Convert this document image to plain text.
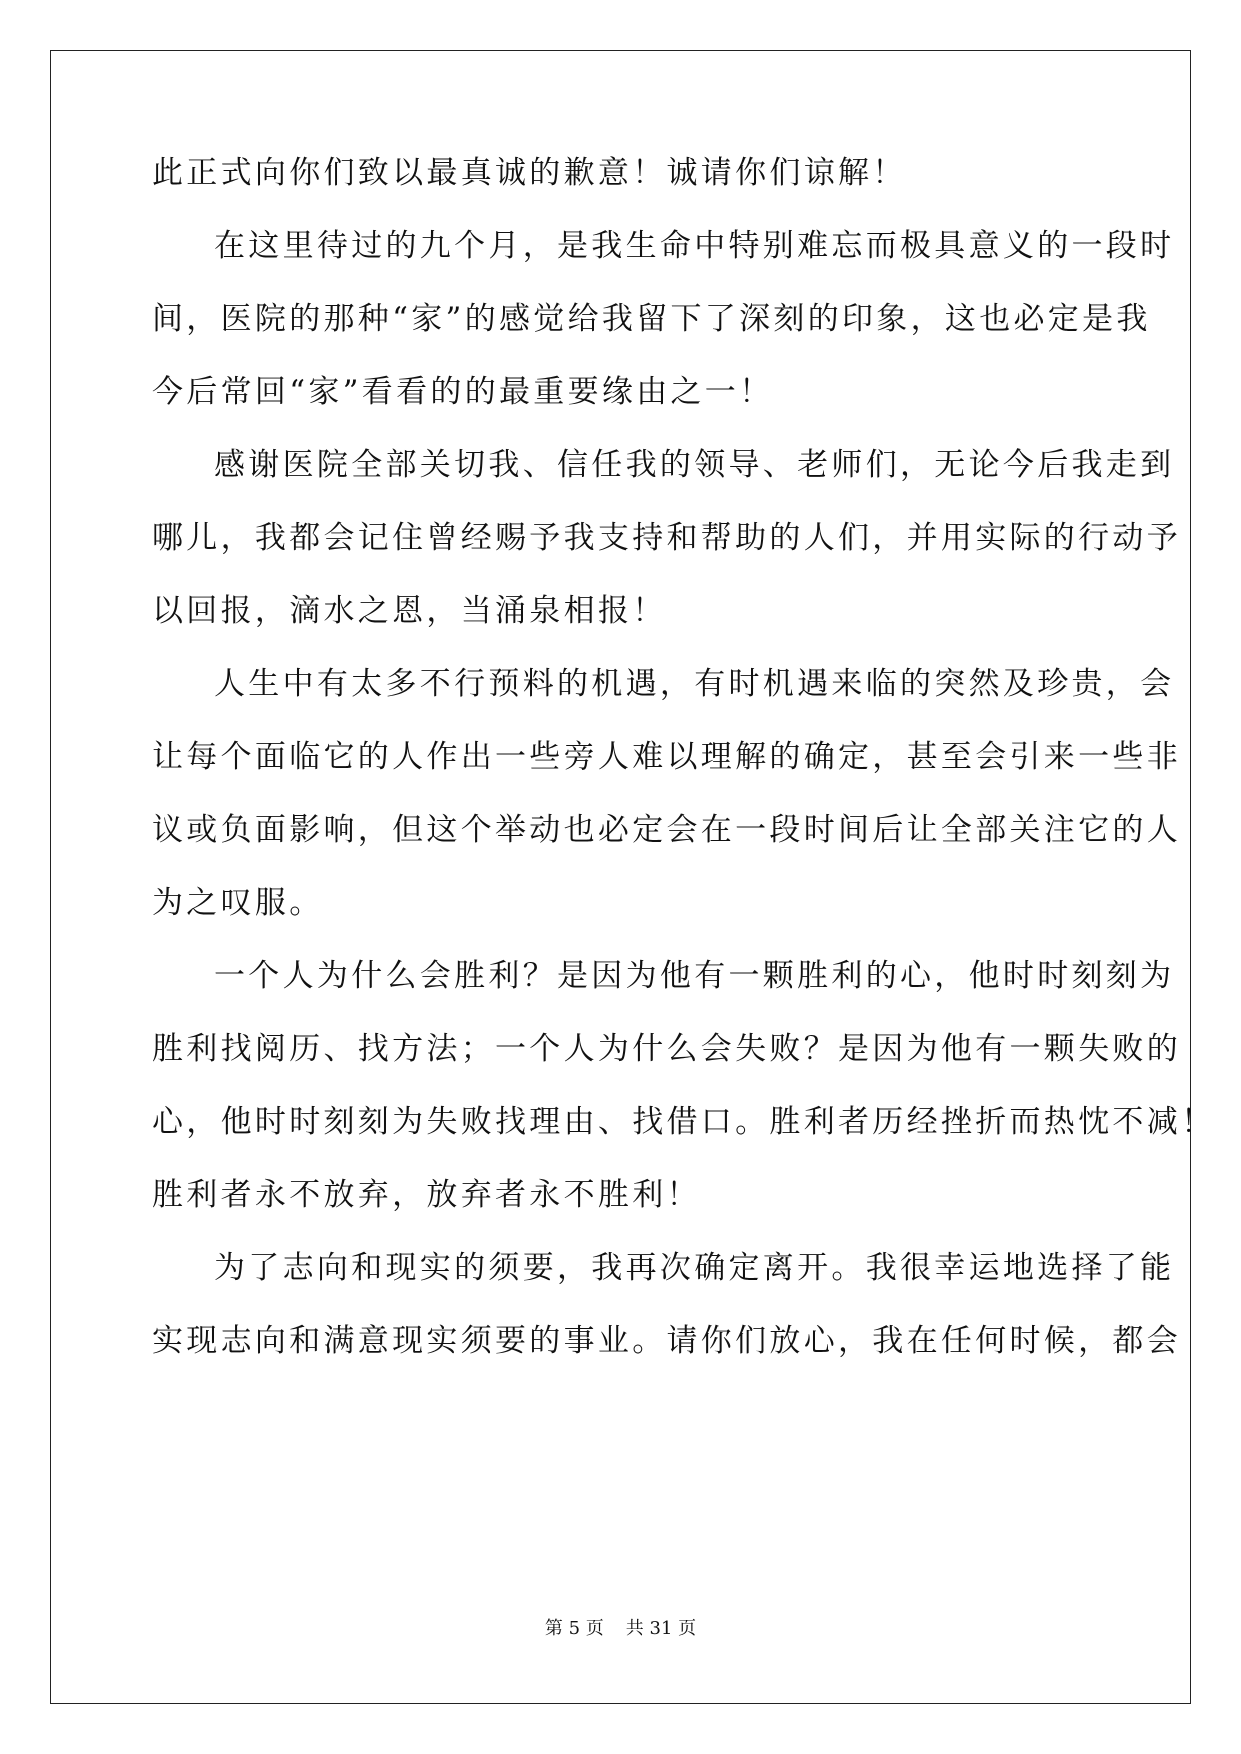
此正式向你们致以最真诚的歉意！诚请你们谅解！
在这里待过的九个月，是我生命中特别难忘而极具意义的一段时
间，医院的那种“家”的感觉给我留下了深刻的印象，这也必定是我
今后常回“家”看看的的最重要缘由之一！
感谢医院全部关切我、信任我的领导、老师们，无论今后我走到
哪儿，我都会记住曾经赐予我支持和帮助的人们，并用实际的行动予
以回报，滴水之恩，当涌泉相报！
人生中有太多不行预料的机遇，有时机遇来临的突然及珍贵，会
让每个面临它的人作出一些旁人难以理解的确定，甚至会引来一些非
议或负面影响，但这个举动也必定会在一段时间后让全部关注它的人
为之叹服。
一个人为什么会胜利？是因为他有一颗胜利的心，他时时刻刻为
胜利找阅历、找方法；一个人为什么会失败？是因为他有一颗失败的
心，他时时刻刻为失败找理由、找借口。胜利者历经挫折而热忱不减！
胜利者永不放弃，放弃者永不胜利！
为了志向和现实的须要，我再次确定离开。我很幸运地选择了能
实现志向和满意现实须要的事业。请你们放心，我在任何时候，都会
第 5 页 共 31 页
